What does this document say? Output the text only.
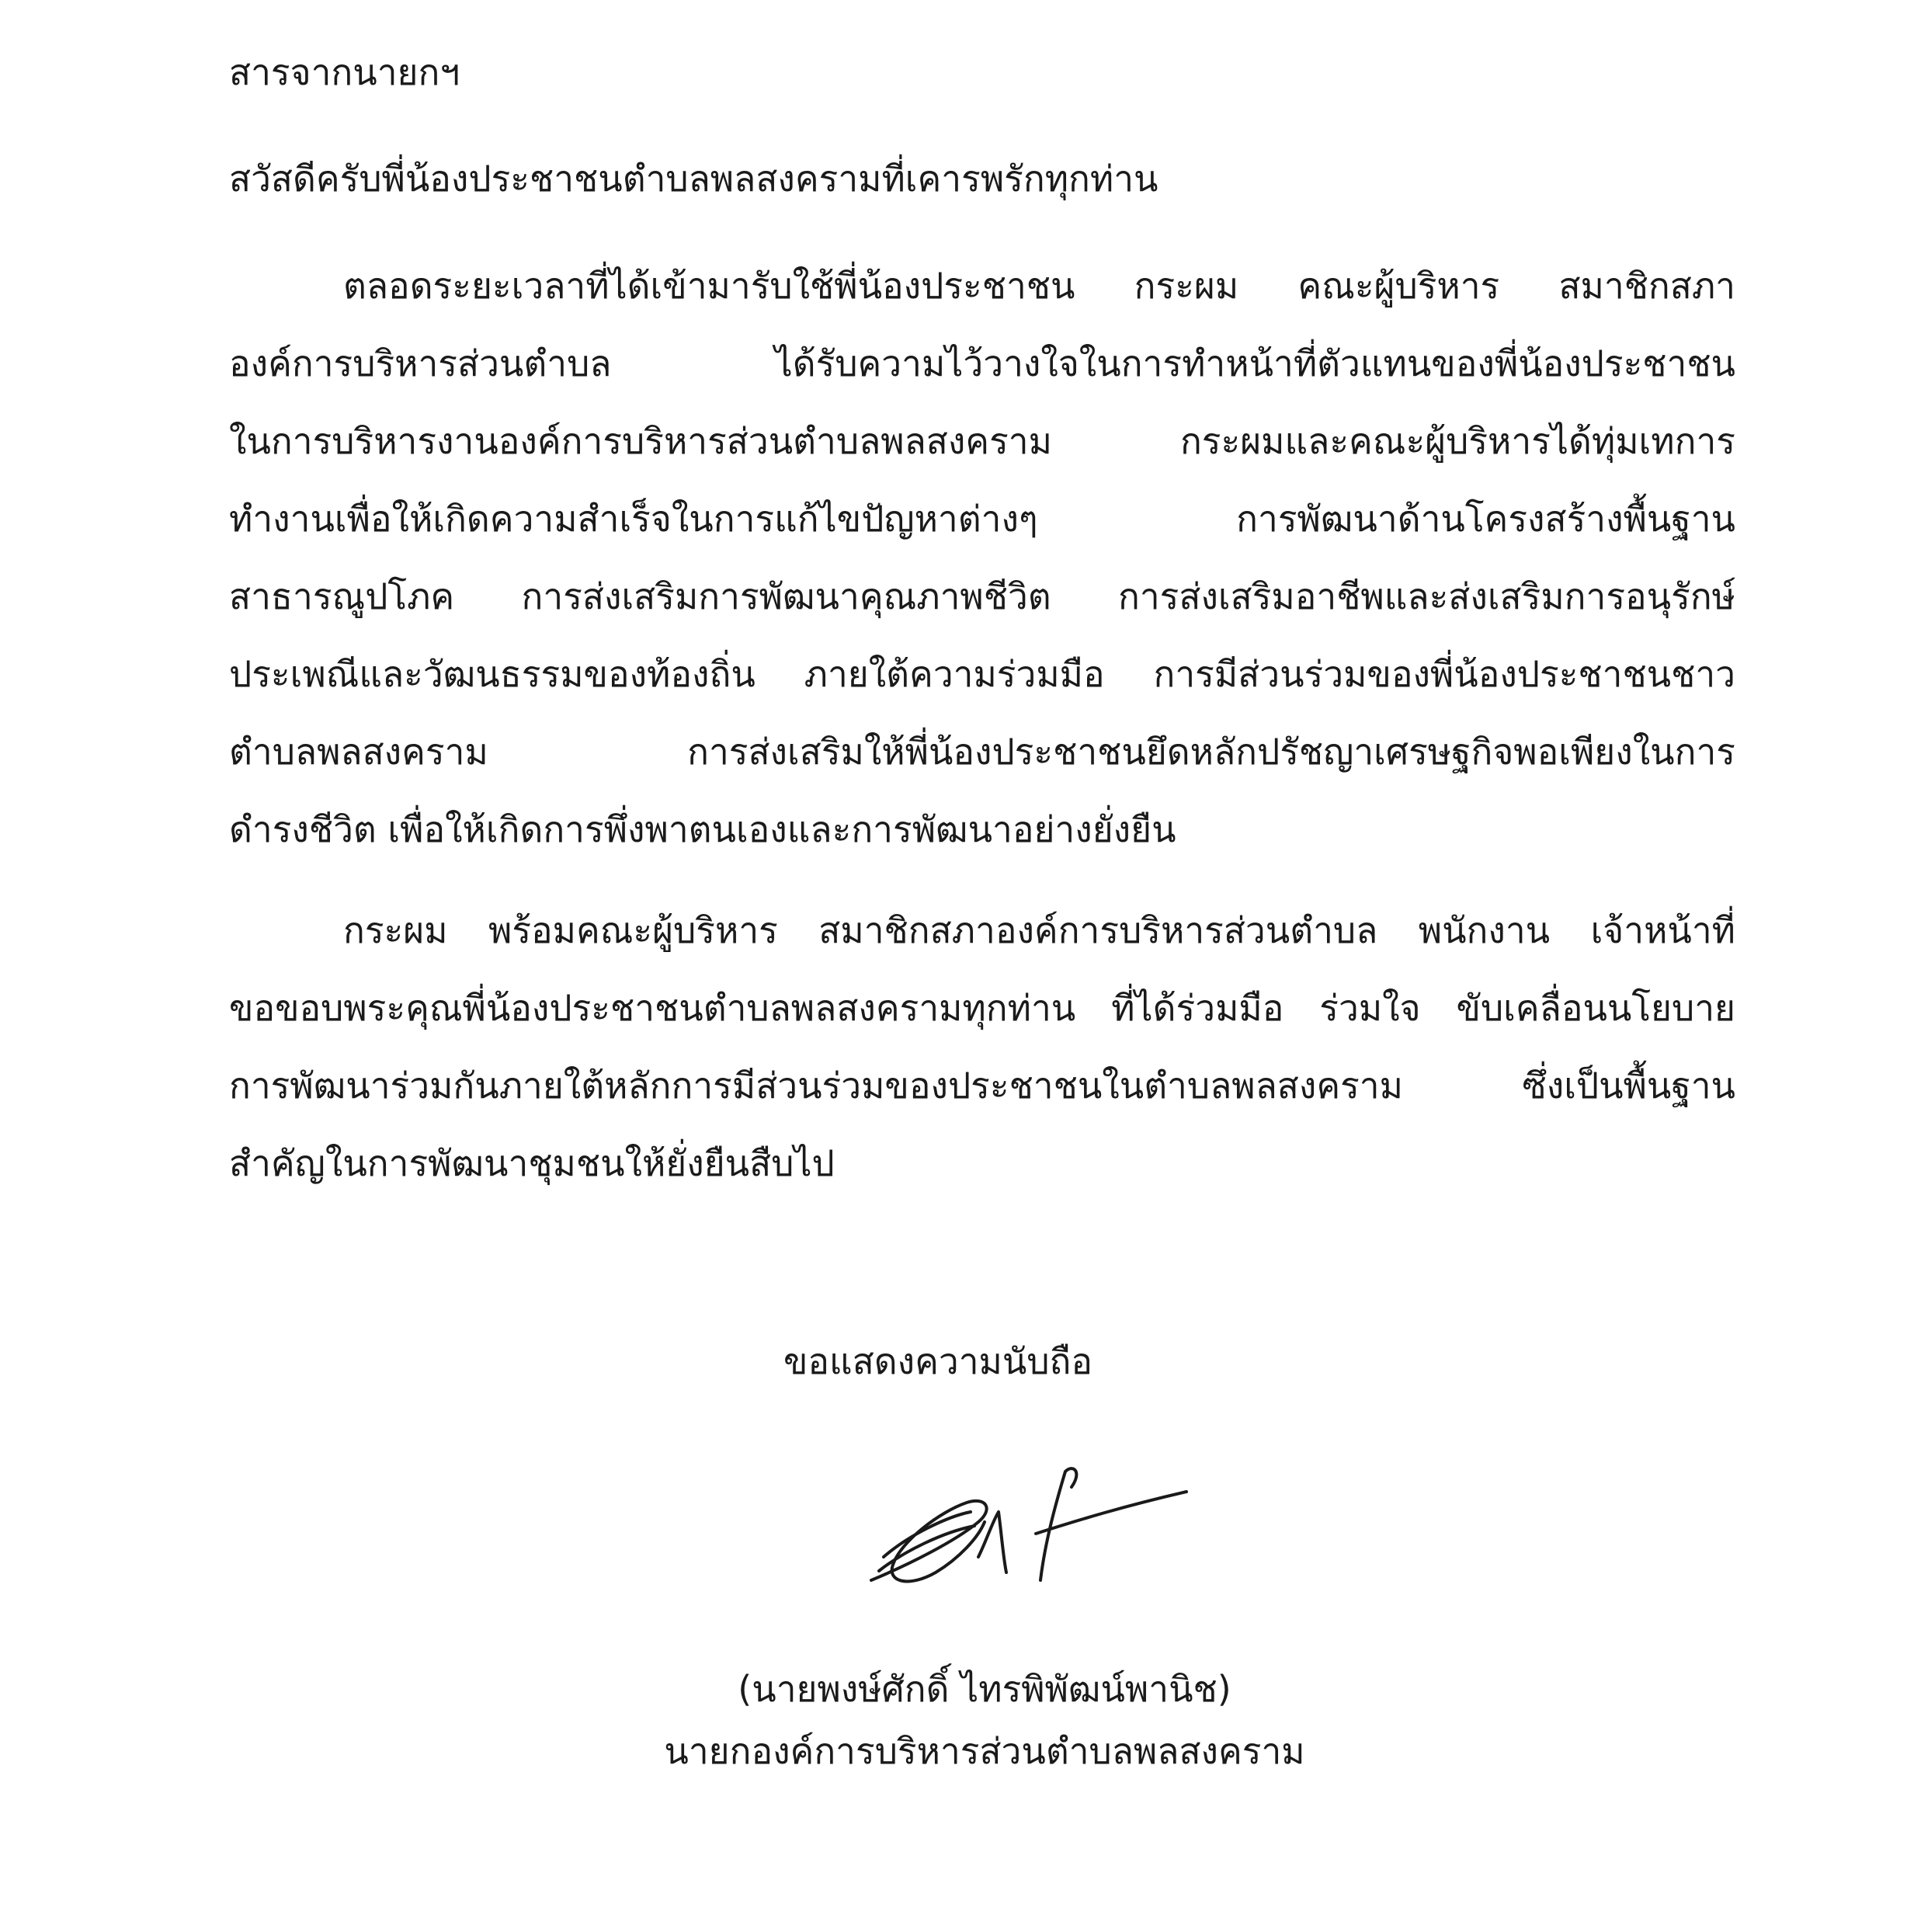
สารจากนายกฯ
สวัสดีครับพี่น้องประชาชนตำบลพลสงครามที่เคารพรักทุกท่าน
ตลอดระยะเวลาที่ได้เข้ามารับใช้พี่น้องประชาชน กระผม คณะผู้บริหาร สมาชิกสภา
องค์การบริหารส่วนตำบล ได้รับความไว้วางใจในการทำหน้าที่ตัวแทนของพี่น้องประชาชน
ในการบริหารงานองค์การบริหารส่วนตำบลพลสงคราม กระผมและคณะผู้บริหารได้ทุ่มเทการ
ทำงานเพื่อให้เกิดความสำเร็จในการแก้ไขปัญหาต่างๆ การพัฒนาด้านโครงสร้างพื้นฐาน
สาธารณูปโภค การส่งเสริมการพัฒนาคุณภาพชีวิต การส่งเสริมอาชีพและส่งเสริมการอนุรักษ์
ประเพณีและวัฒนธรรมของท้องถิ่น ภายใต้ความร่วมมือ การมีส่วนร่วมของพี่น้องประชาชนชาว
ตำบลพลสงคราม การส่งเสริมให้พี่น้องประชาชนยึดหลักปรัชญาเศรษฐกิจพอเพียงในการ
ดำรงชีวิต เพื่อให้เกิดการพึ่งพาตนเองและการพัฒนาอย่างยั่งยืน
กระผม พร้อมคณะผู้บริหาร สมาชิกสภาองค์การบริหารส่วนตำบล พนักงาน เจ้าหน้าที่
ขอขอบพระคุณพี่น้องประชาชนตำบลพลสงครามทุกท่าน ที่ได้ร่วมมือ ร่วมใจ ขับเคลื่อนนโยบาย
การพัฒนาร่วมกันภายใต้หลักการมีส่วนร่วมของประชาชนในตำบลพลสงคราม ซึ่งเป็นพื้นฐาน
สำคัญในการพัฒนาชุมชนให้ยั่งยืนสืบไป
ขอแสดงความนับถือ
(นายพงษ์ศักดิ์ ไทรพิพัฒน์พานิช)
นายกองค์การบริหารส่วนตำบลพลสงคราม
